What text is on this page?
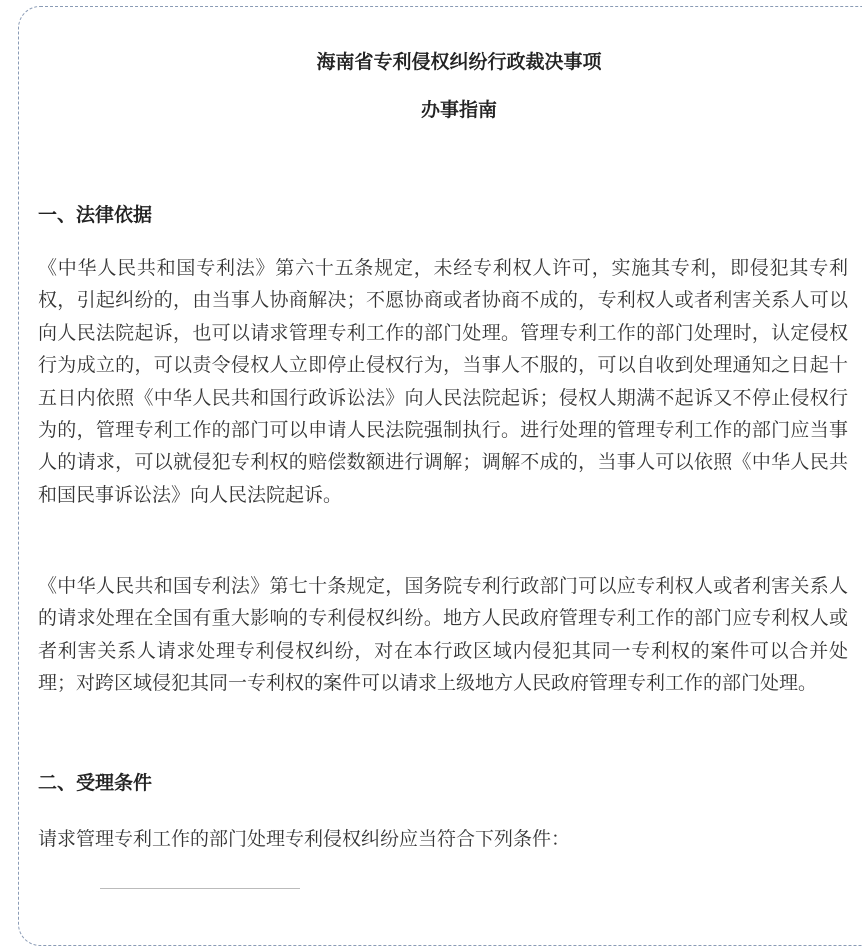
海南省专利侵权纠纷行政裁决事项
办事指南
一、法律依据
《中华人民共和国专利法》第六十五条规定，未经专利权人许可，实施其专利，即侵犯其专利权，引起纠纷的，由当事人协商解决；不愿协商或者协商不成的，专利权人或者利害关系人可以向人民法院起诉，也可以请求管理专利工作的部门处理。管理专利工作的部门处理时，认定侵权行为成立的，可以责令侵权人立即停止侵权行为，当事人不服的，可以自收到处理通知之日起十五日内依照《中华人民共和国行政诉讼法》向人民法院起诉；侵权人期满不起诉又不停止侵权行为的，管理专利工作的部门可以申请人民法院强制执行。进行处理的管理专利工作的部门应当事人的请求，可以就侵犯专利权的赔偿数额进行调解；调解不成的，当事人可以依照《中华人民共和国民事诉讼法》向人民法院起诉。
《中华人民共和国专利法》第七十条规定，国务院专利行政部门可以应专利权人或者利害关系人的请求处理在全国有重大影响的专利侵权纠纷。地方人民政府管理专利工作的部门应专利权人或者利害关系人请求处理专利侵权纠纷，对在本行政区域内侵犯其同一专利权的案件可以合并处理；对跨区域侵犯其同一专利权的案件可以请求上级地方人民政府管理专利工作的部门处理。
二、受理条件
请求管理专利工作的部门处理专利侵权纠纷应当符合下列条件：
